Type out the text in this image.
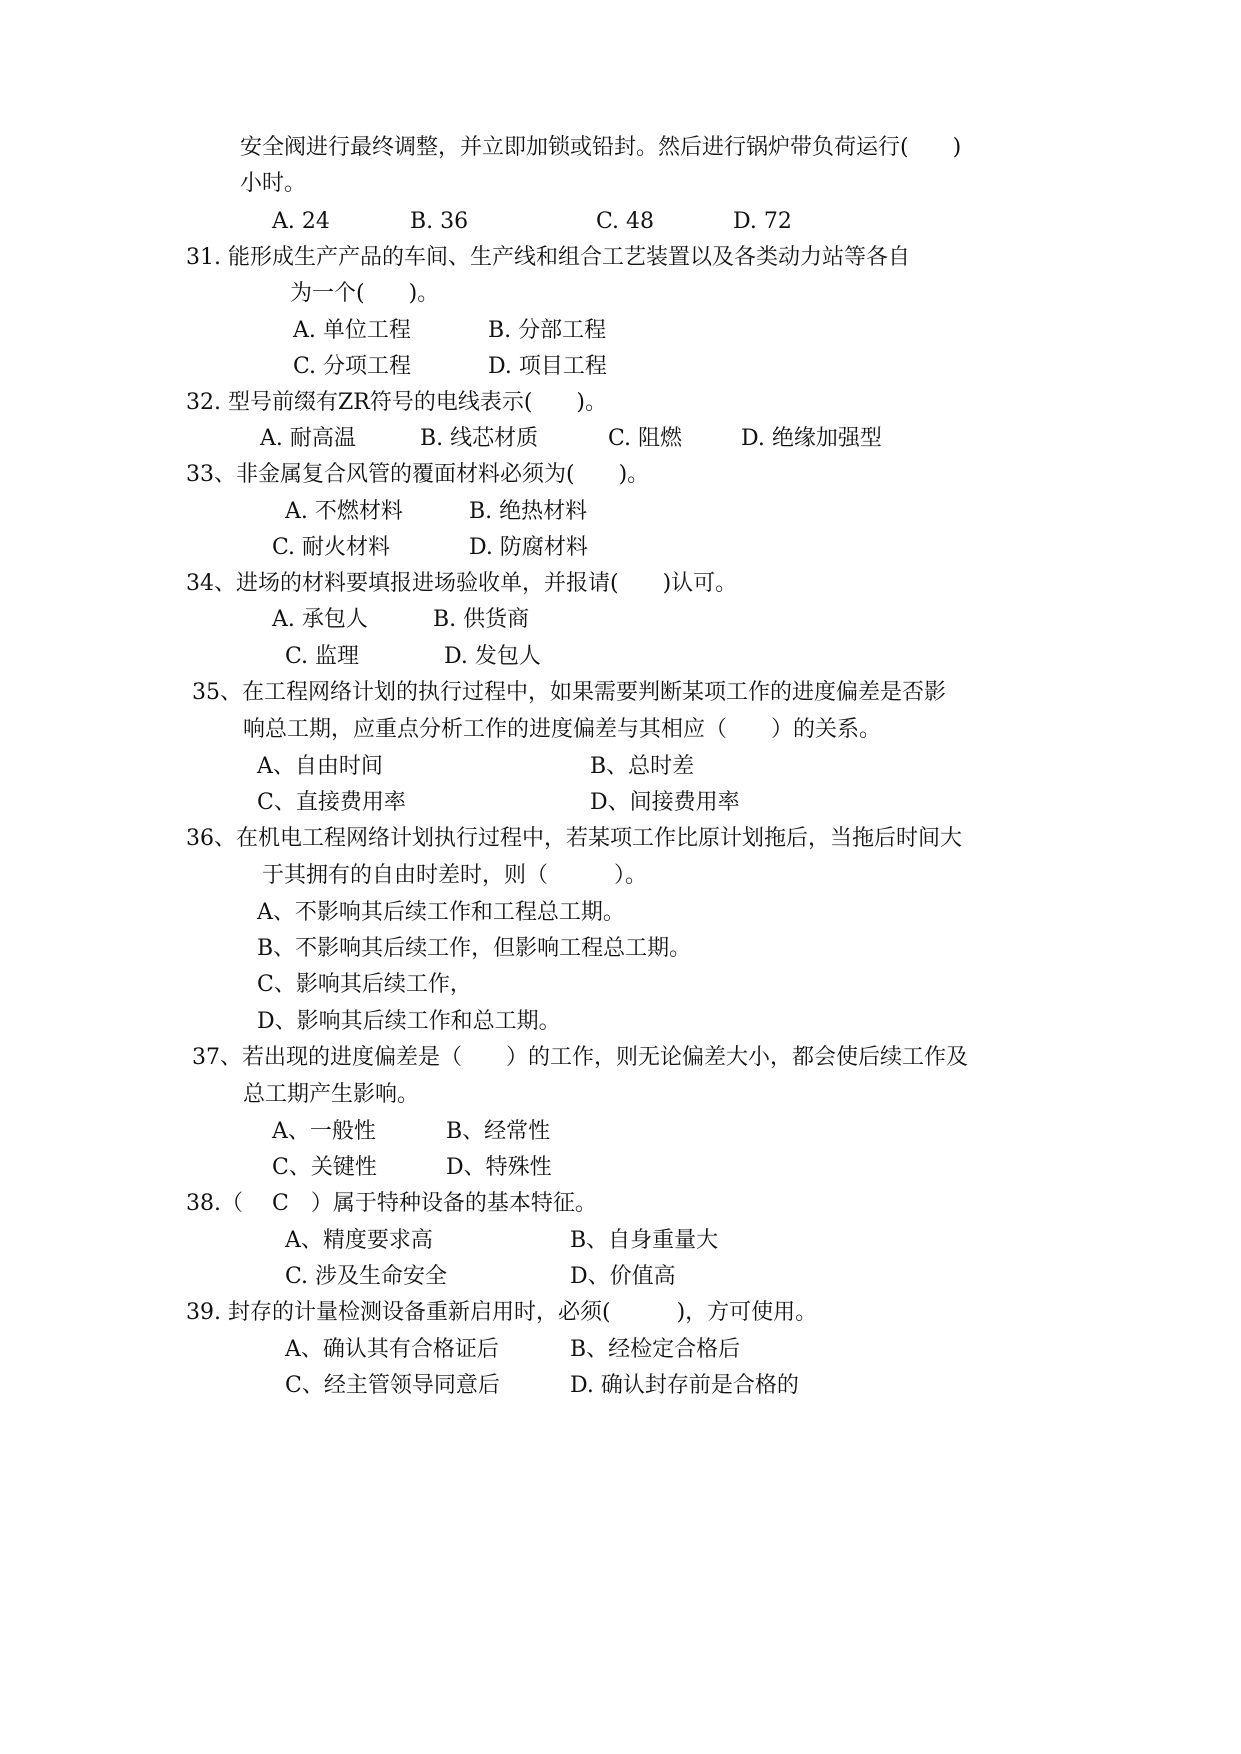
安全阀进行最终调整，并立即加锁或铅封。然后进行锅炉带负荷运行(　　)
小时。
A. 24	B. 36	C. 48	D. 72
31. 能形成生产产品的车间、生产线和组合工艺装置以及各类动力站等各自
为一个(　　)。
A. 单位工程	B. 分部工程
C. 分项工程	D. 项目工程
32. 型号前缀有ZR符号的电线表示(　　)。
A. 耐高温	B. 线芯材质	C. 阻燃	D. 绝缘加强型
33、非金属复合风管的覆面材料必须为(　　)。
A. 不燃材料	B. 绝热材料
C. 耐火材料	D. 防腐材料
34、进场的材料要填报进场验收单，并报请(　　)认可。
A. 承包人	B. 供货商
C. 监理	D. 发包人
35、在工程网络计划的执行过程中，如果需要判断某项工作的进度偏差是否影
响总工期，应重点分析工作的进度偏差与其相应（　　）的关系。
A、自由时间	B、总时差
C、直接费用率	D、间接费用率
36、在机电工程网络计划执行过程中，若某项工作比原计划拖后，当拖后时间大
于其拥有的自由时差时，则（　　　）。
A、不影响其后续工作和工程总工期。
B、不影响其后续工作，但影响工程总工期。
C、影响其后续工作，
D、影响其后续工作和总工期。
37、若出现的进度偏差是（　　）的工作，则无论偏差大小，都会使后续工作及
总工期产生影响。
A、一般性	B、经常性
C、关键性	D、特殊性
38.（　 C　）属于特种设备的基本特征。
A、精度要求高	B、自身重量大
C. 涉及生命安全	D、价值高
39. 封存的计量检测设备重新启用时，必须(　　　)，方可使用。
A、确认其有合格证后	B、经检定合格后
C、经主管领导同意后	D. 确认封存前是合格的
